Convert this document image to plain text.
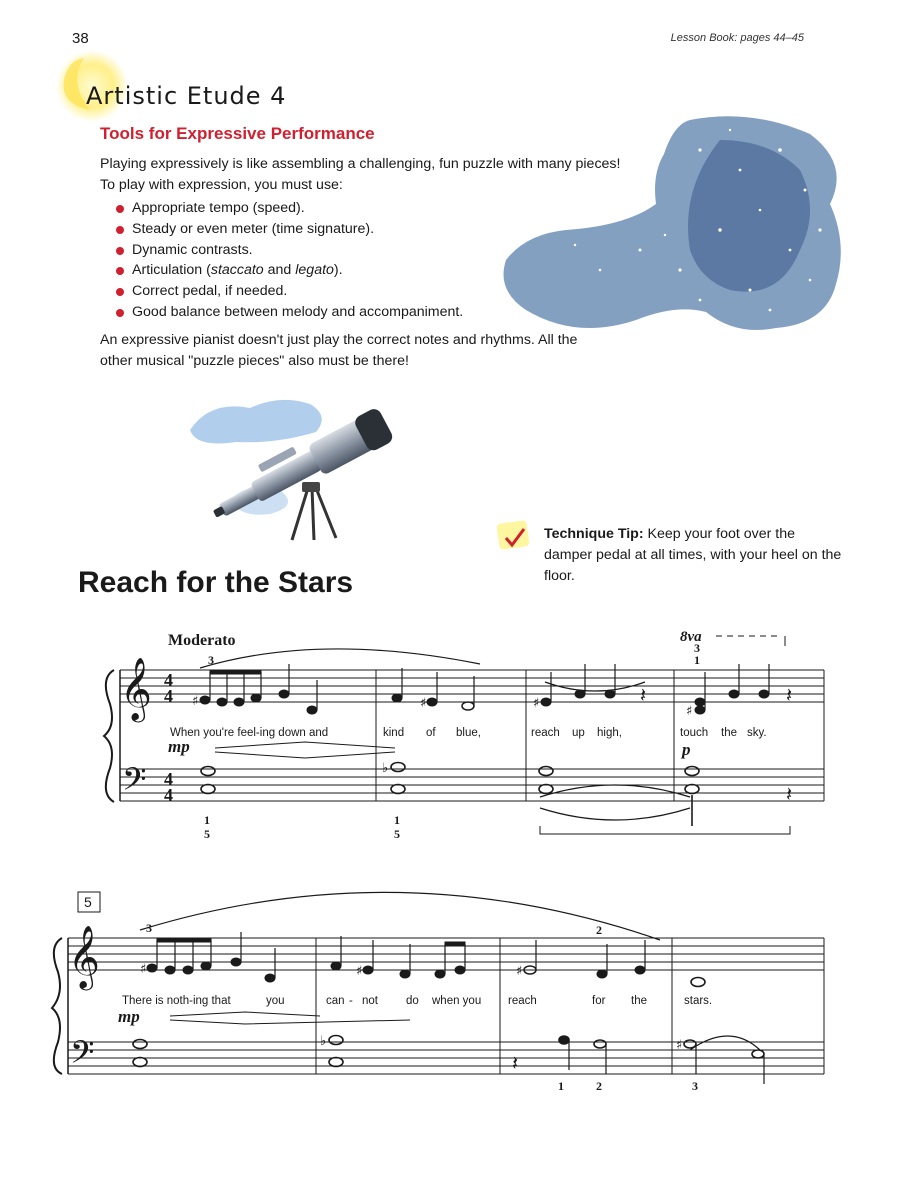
38	Lesson Book: pages 44–45
Artistic Etude 4
Tools for Expressive Performance

Playing expressively is like assembling a challenging, fun puzzle with many pieces!

To play with expression, you must use:

Appropriate tempo (speed).
Steady or even meter (time signature).
Dynamic contrasts.
Articulation (staccato and legato).
Correct pedal, if needed.
Good balance between melody and accompaniment.

An expressive pianist doesn't just play the correct notes and rhythms. All the

other musical "puzzle pieces" also must be there!

Technique Tip: Keep your foot over the damper pedal at all times, with your heel on the floor.
Reach for the Stars
𝄞
𝄢
𝄞
𝄢
4
4
4
4
Moderato	8va
5
mp	p
mp
3	1
1
5
1
5
3
3	2
1	2	3
When you're feel-ing down and	kind of blue,	reach up high,	touch the sky.
There is noth-ing that	you	can - not do when you reach	for the	stars.
♯	♯	♯
♯
♭
♯	♯	♯
♭	♯
𝄽	𝄽
𝄽
𝄽
